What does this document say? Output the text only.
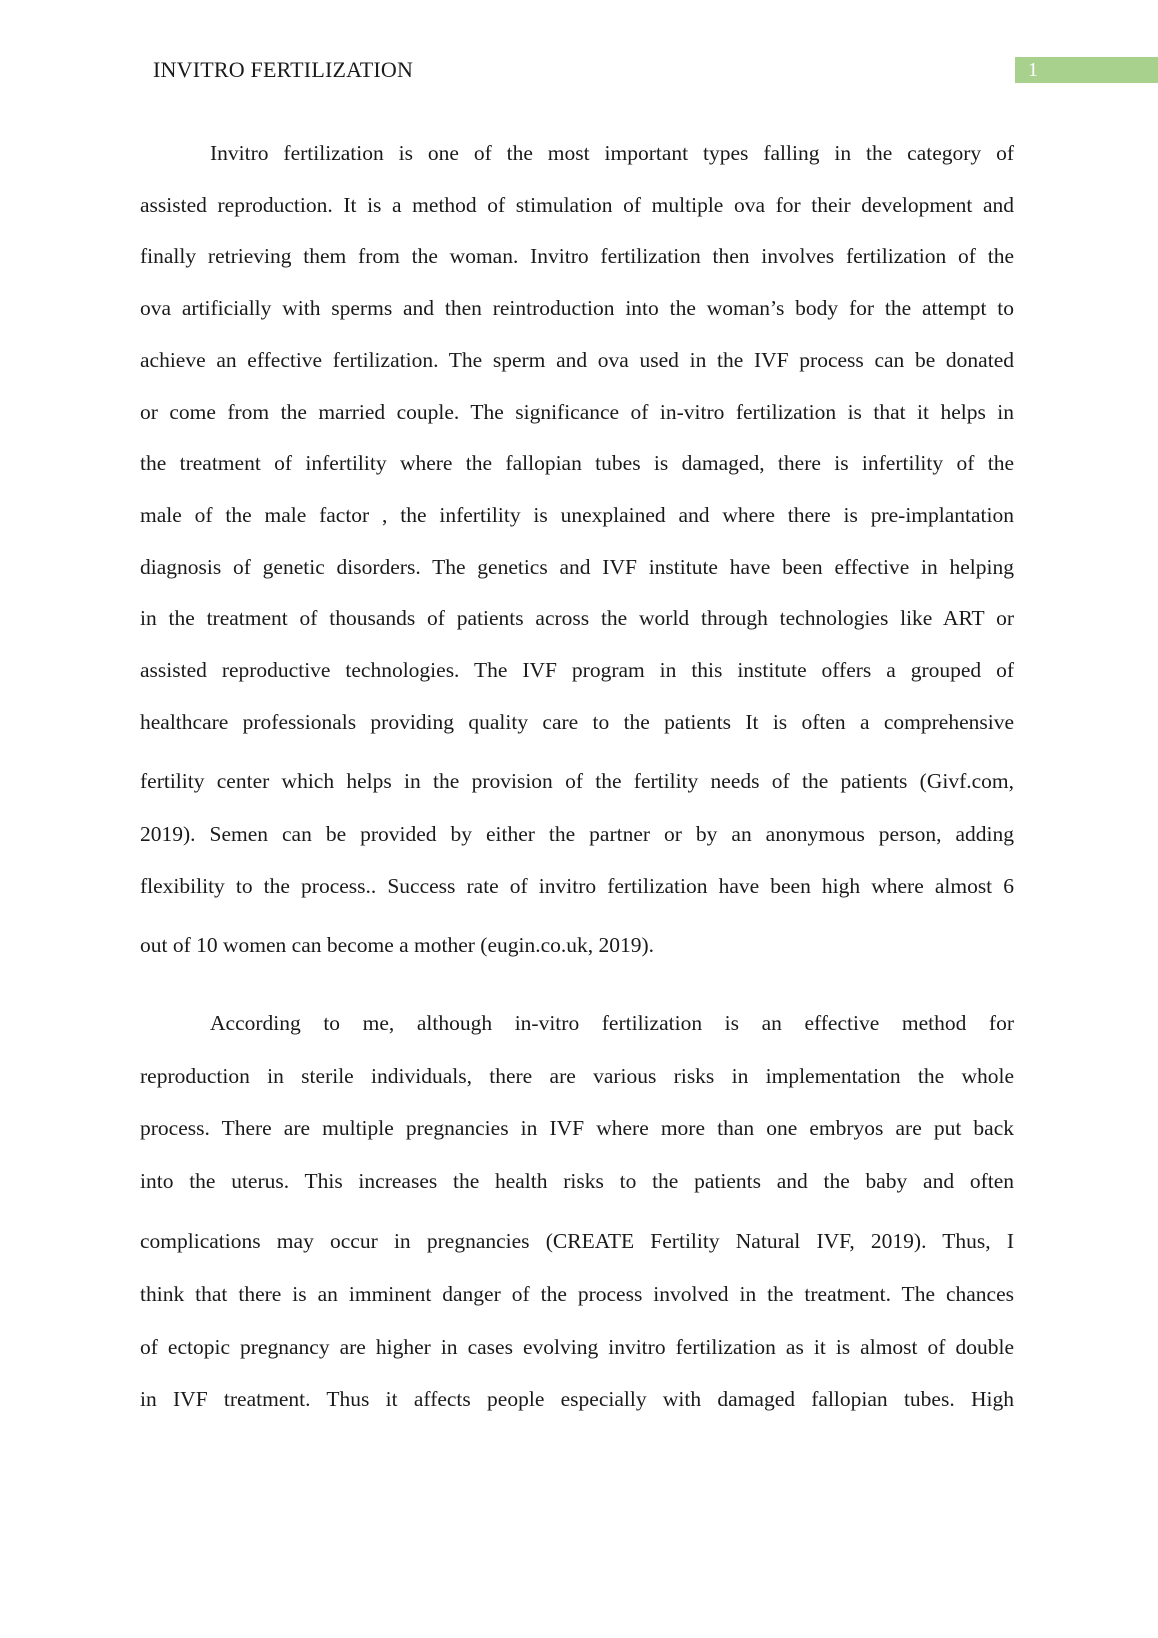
INVITRO FERTILIZATION	1
Invitro fertilization is one of the most important types falling in the category of
assisted reproduction. It is a method of stimulation of multiple ova for their development and
finally retrieving them from the woman. Invitro fertilization then involves fertilization of the
ova artificially with sperms and then reintroduction into the woman’s body for the attempt to
achieve an effective fertilization. The sperm and ova used in the IVF process can be donated
or come from the married couple. The significance of in-vitro fertilization is that it helps in
the treatment of infertility where the fallopian tubes is damaged, there is infertility of the
male of the male factor , the infertility is unexplained and where there is pre-implantation
diagnosis of genetic disorders. The genetics and IVF institute have been effective in helping
in the treatment of thousands of patients across the world through technologies like ART or
assisted reproductive technologies. The IVF program in this institute offers a grouped of
healthcare professionals providing quality care to the patients It is often a comprehensive
fertility center which helps in the provision of the fertility needs of the patients (Givf.com,
2019). Semen can be provided by either the partner or by an anonymous person, adding
flexibility to the process.. Success rate of invitro fertilization have been high where almost 6
out of 10 women can become a mother (eugin.co.uk, 2019).
According to me, although in-vitro fertilization is an effective method for
reproduction in sterile individuals, there are various risks in implementation the whole
process. There are multiple pregnancies in IVF where more than one embryos are put back
into the uterus. This increases the health risks to the patients and the baby and often
complications may occur in pregnancies (CREATE Fertility Natural IVF, 2019). Thus, I
think that there is an imminent danger of the process involved in the treatment. The chances
of ectopic pregnancy are higher in cases evolving invitro fertilization as it is almost of double
in IVF treatment. Thus it affects people especially with damaged fallopian tubes. High
